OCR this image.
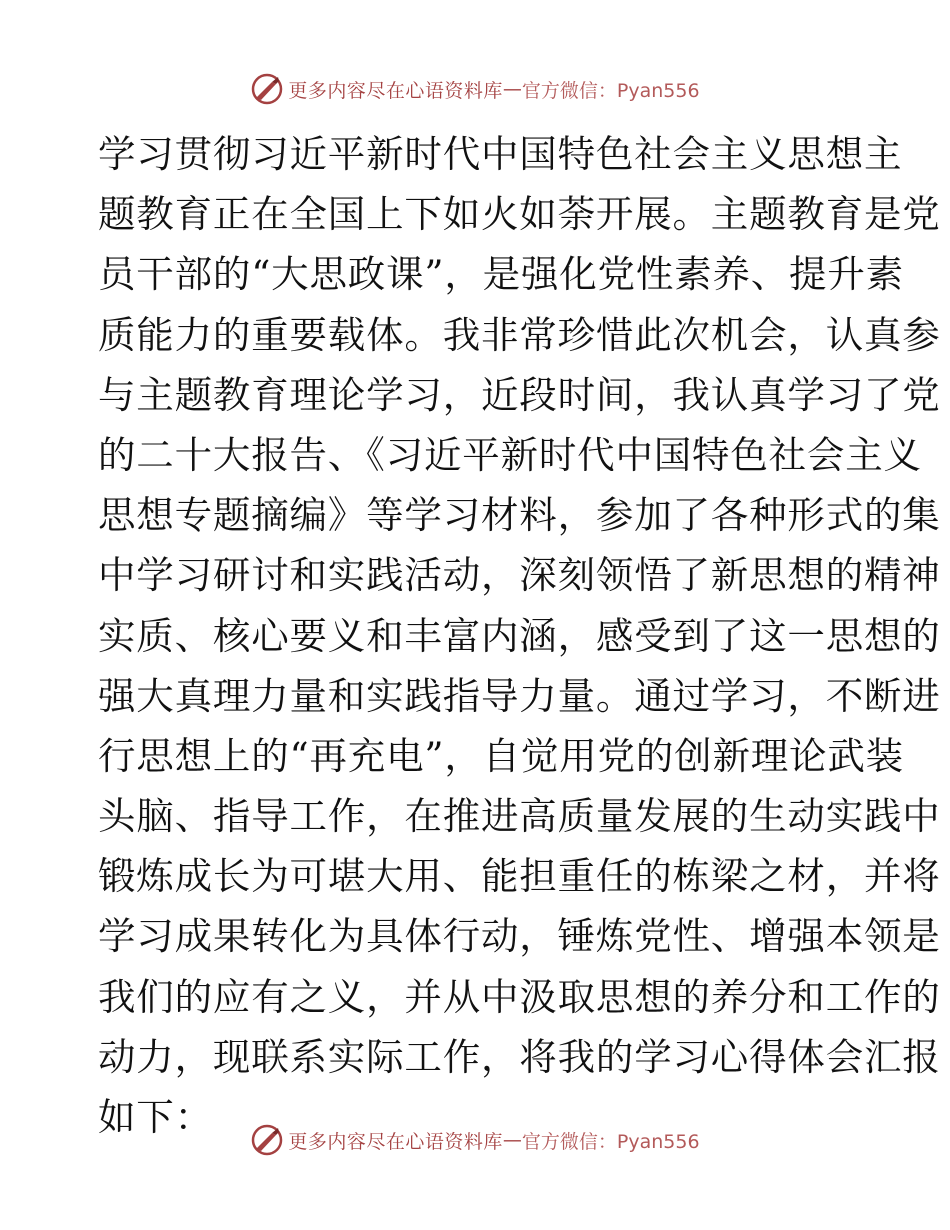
更多内容尽在心语资料库 — 官方微信：Pyan556
学习贯彻习近平新时代中国特色社会主义思想主
题教育正在全国上下如火如荼开展。主题教育是党
员干部的“大思政课”，是强化党性素养、提升素
质能力的重要载体。我非常珍惜此次机会，认真参
与主题教育理论学习，近段时间，我认真学习了党
的二十大报告、《习近平新时代中国特色社会主义
思想专题摘编》等学习材料，参加了各种形式的集
中学习研讨和实践活动，深刻领悟了新思想的精神
实质、核心要义和丰富内涵，感受到了这一思想的
强大真理力量和实践指导力量。通过学习，不断进
行思想上的“再充电”，自觉用党的创新理论武装
头脑、指导工作，在推进高质量发展的生动实践中
锻炼成长为可堪大用、能担重任的栋梁之材，并将
学习成果转化为具体行动，锤炼党性、增强本领是
我们的应有之义，并从中汲取思想的养分和工作的
动力，现联系实际工作，将我的学习心得体会汇报
如下：
更多内容尽在心语资料库 — 官方微信：Pyan556
